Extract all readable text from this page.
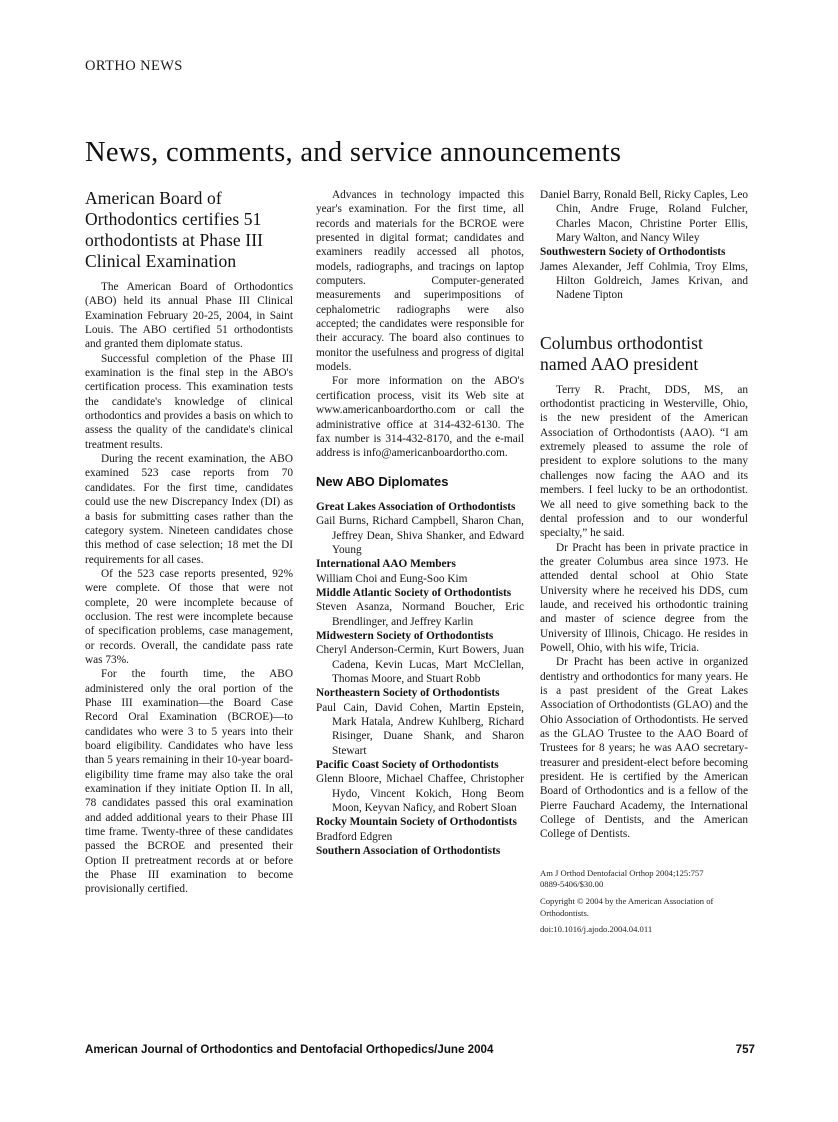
ORTHO NEWS
News, comments, and service announcements
American Board of Orthodontics certifies 51 orthodontists at Phase III Clinical Examination

The American Board of Orthodontics (ABO) held its annual Phase III Clinical Examination February 20-25, 2004, in Saint Louis. The ABO certified 51 orthodontists and granted them diplomate status.

Successful completion of the Phase III examination is the final step in the ABO's certification process. This examination tests the candidate's knowledge of clinical orthodontics and provides a basis on which to assess the quality of the candidate's clinical treatment results.

During the recent examination, the ABO examined 523 case reports from 70 candidates. For the first time, candidates could use the new Discrepancy Index (DI) as a basis for submitting cases rather than the category system. Nineteen candidates chose this method of case selection; 18 met the DI requirements for all cases.

Of the 523 case reports presented, 92% were complete. Of those that were not complete, 20 were incomplete because of occlusion. The rest were incomplete because of specification problems, case management, or records. Overall, the candidate pass rate was 73%.

For the fourth time, the ABO administered only the oral portion of the Phase III examination—the Board Case Record Oral Examination (BCROE)—to candidates who were 3 to 5 years into their board eligibility. Candidates who have less than 5 years remaining in their 10-year board-eligibility time frame may also take the oral examination if they initiate Option II. In all, 78 candidates passed this oral examination and added additional years to their Phase III time frame. Twenty-three of these candidates passed the BCROE and presented their Option II pretreatment records at or before the Phase III examination to become provisionally certified.

Advances in technology impacted this year's examination. For the first time, all records and materials for the BCROE were presented in digital format; candidates and examiners readily accessed all photos, models, radiographs, and tracings on laptop computers. Computer-generated measurements and superimpositions of cephalometric radiographs were also accepted; the candidates were responsible for their accuracy. The board also continues to monitor the usefulness and progress of digital models.

For more information on the ABO's certification process, visit its Web site at www.americanboardortho.com or call the administrative office at 314-432-6130. The fax number is 314-432-8170, and the e-mail address is info@americanboardortho.com.

New ABO Diplomates

Great Lakes Association of Orthodontists

Gail Burns, Richard Campbell, Sharon Chan, Jeffrey Dean, Shiva Shanker, and Edward Young

International AAO Members

William Choi and Eung-Soo Kim

Middle Atlantic Society of Orthodontists

Steven Asanza, Normand Boucher, Eric Brendlinger, and Jeffrey Karlin

Midwestern Society of Orthodontists

Cheryl Anderson-Cermin, Kurt Bowers, Juan Cadena, Kevin Lucas, Mart McClellan, Thomas Moore, and Stuart Robb

Northeastern Society of Orthodontists

Paul Cain, David Cohen, Martin Epstein, Mark Hatala, Andrew Kuhlberg, Richard Risinger, Duane Shank, and Sharon Stewart

Pacific Coast Society of Orthodontists

Glenn Bloore, Michael Chaffee, Christopher Hydo, Vincent Kokich, Hong Beom Moon, Keyvan Naficy, and Robert Sloan

Rocky Mountain Society of Orthodontists

Bradford Edgren

Southern Association of Orthodontists

Daniel Barry, Ronald Bell, Ricky Caples, Leo Chin, Andre Fruge, Roland Fulcher, Charles Macon, Christine Porter Ellis, Mary Walton, and Nancy Wiley

Southwestern Society of Orthodontists

James Alexander, Jeff Cohlmia, Troy Elms, Hilton Goldreich, James Krivan, and Nadene Tipton

Columbus orthodontist named AAO president

Terry R. Pracht, DDS, MS, an orthodontist practicing in Westerville, Ohio, is the new president of the American Association of Orthodontists (AAO). “I am extremely pleased to assume the role of president to explore solutions to the many challenges now facing the AAO and its members. I feel lucky to be an orthodontist. We all need to give something back to the dental profession and to our wonderful specialty,” he said.

Dr Pracht has been in private practice in the greater Columbus area since 1973. He attended dental school at Ohio State University where he received his DDS, cum laude, and received his orthodontic training and master of science degree from the University of Illinois, Chicago. He resides in Powell, Ohio, with his wife, Tricia.

Dr Pracht has been active in organized dentistry and orthodontics for many years. He is a past president of the Great Lakes Association of Orthodontists (GLAO) and the Ohio Association of Orthodontists. He served as the GLAO Trustee to the AAO Board of Trustees for 8 years; he was AAO secretary-treasurer and president-elect before becoming president. He is certified by the American Board of Orthodontics and is a fellow of the Pierre Fauchard Academy, the International College of Dentists, and the American College of Dentists.

Am J Orthod Dentofacial Orthop 2004;125:757

0889-5406/$30.00

Copyright © 2004 by the American Association of Orthodontists.

doi:10.1016/j.ajodo.2004.04.011

American Journal of Orthodontics and Dentofacial Orthopedics/June 2004	757
